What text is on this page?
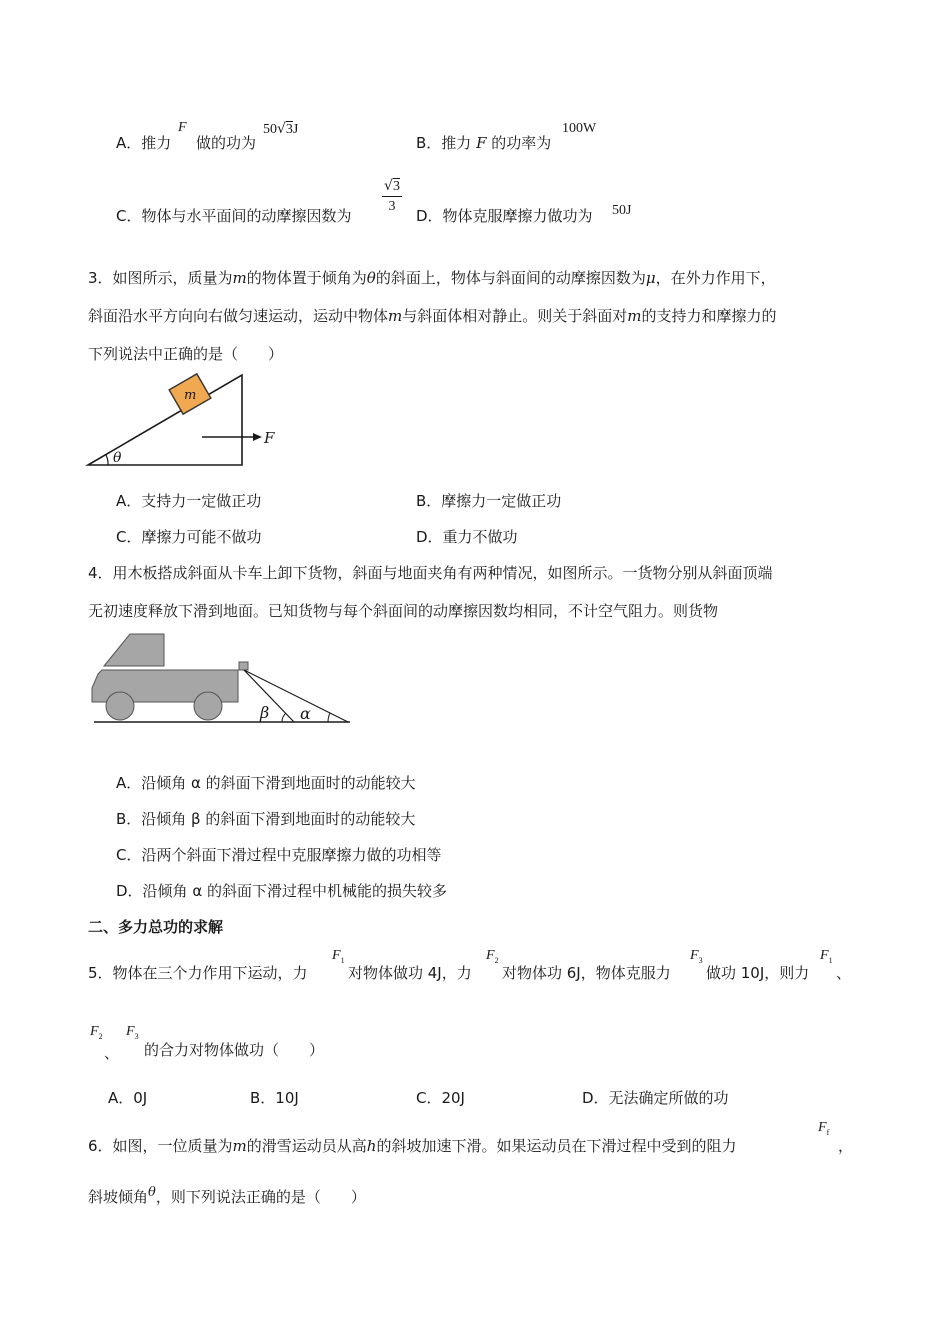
A．推力
F
做的功为
50√3J
B．推力 F 的功率为
100W
C．物体与水平面间的动摩擦因数为
√3
3
D．物体克服摩擦力做功为 50J
3．如图所示，质量为m的物体置于倾角为θ的斜面上，物体与斜面间的动摩擦因数为μ，在外力作用下，
斜面沿水平方向向右做匀速运动，运动中物体m与斜面体相对静止。则关于斜面对m的支持力和摩擦力的
下列说法中正确的是（　　）
m
F
θ
A．支持力一定做正功	B．摩擦力一定做正功
C．摩擦力可能不做功	D．重力不做功
4．用木板搭成斜面从卡车上卸下货物，斜面与地面夹角有两种情况，如图所示。一货物分别从斜面顶端
无初速度释放下滑到地面。已知货物与每个斜面间的动摩擦因数均相同，不计空气阻力。则货物
β α
A．沿倾角 α 的斜面下滑到地面时的动能较大
B．沿倾角 β 的斜面下滑到地面时的动能较大
C．沿两个斜面下滑过程中克服摩擦力做的功相等
D．沿倾角 α 的斜面下滑过程中机械能的损失较多
二、多力总功的求解
5．物体在三个力作用下运动，力
$F_1$
对物体做功 4J，力
$F_2$
对物体功 6J，物体克服力
$F_3$
做功 10J，则力
$F_1$
、
$F_2$
、
$F_3$
的合力对物体做功（　　）
A．0J	B．10J	C．20J	D．无法确定所做的功
6．如图，一位质量为m的滑雪运动员从高h的斜坡加速下滑。如果运动员在下滑过程中受到的阻力
$F_f$
，
斜坡倾角θ，则下列说法正确的是（　　）
